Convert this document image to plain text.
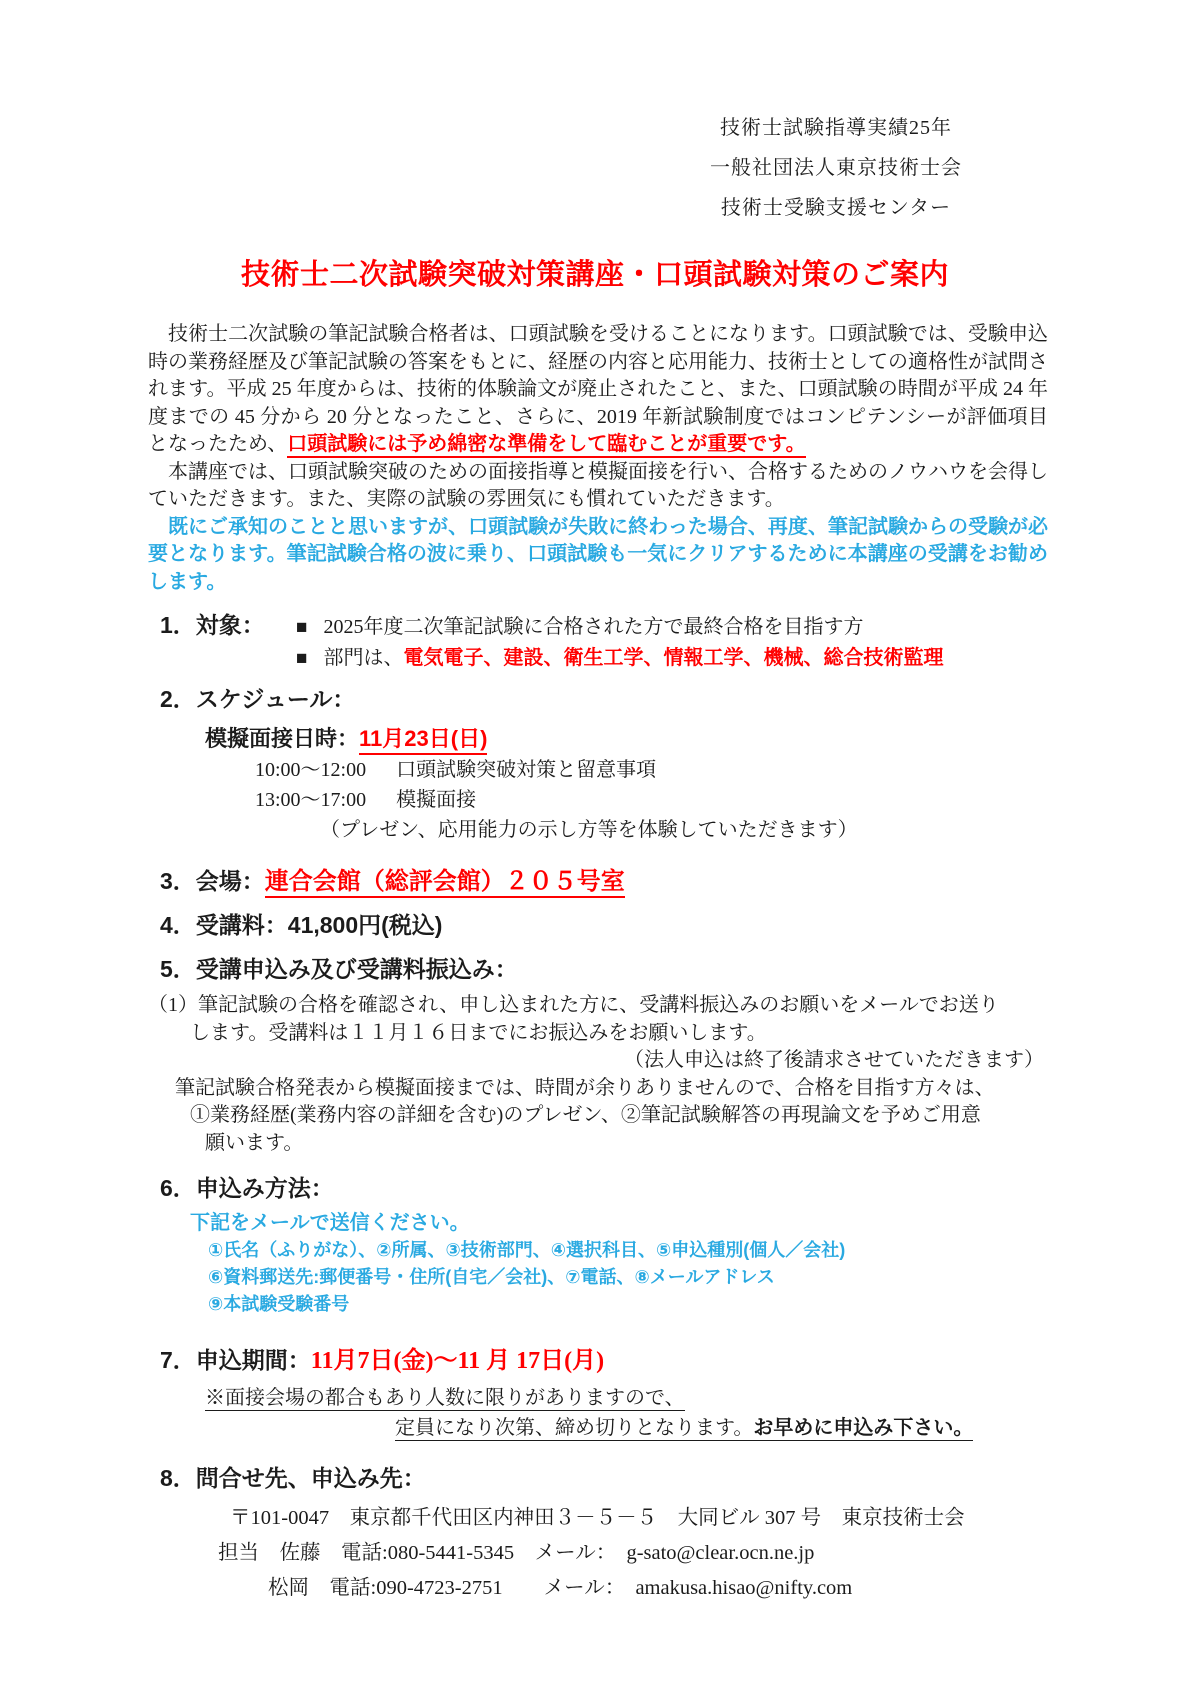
技術士試験指導実績25年
一般社団法人東京技術士会
技術士受験支援センター
技術士二次試験突破対策講座・口頭試験対策のご案内

　技術士二次試験の筆記試験合格者は、口頭試験を受けることになります。口頭試験では、受験申込時の業務経歴及び筆記試験の答案をもとに、経歴の内容と応用能力、技術士としての適格性が試問されます。平成 25 年度からは、技術的体験論文が廃止されたこと、また、口頭試験の時間が平成 24 年度までの 45 分から 20 分となったこと、さらに、2019 年新試験制度ではコンピテンシーが評価項目となったため、口頭試験には予め綿密な準備をして臨むことが重要です。

　本講座では、口頭試験突破のための面接指導と模擬面接を行い、合格するためのノウハウを会得していただきます。また、実際の試験の雰囲気にも慣れていただきます。

　既にご承知のことと思いますが、口頭試験が失敗に終わった場合、再度、筆記試験からの受験が必要となります。筆記試験合格の波に乗り、口頭試験も一気にクリアするために本講座の受講をお勧めします。

1．対象：	■ 2025年度二次筆記試験に合格された方で最終合格を目指す方
■ 部門は、電気電子、建設、衛生工学、情報工学、機械、総合技術監理
2．スケジュール：
模擬面接日時：11月23日(日)
10:00～12:00 口頭試験突破対策と留意事項
13:00～17:00 模擬面接
（プレゼン、応用能力の示し方等を体験していただきます）
3．会場：連合会館（総評会館）２０５号室
4．受講料：41,800円(税込)
5．受講申込み及び受講料振込み：
（1）筆記試験の合格を確認され、申し込まれた方に、受講料振込みのお願いをメールでお送り
します。受講料は１１月１６日までにお振込みをお願いします。
（法人申込は終了後請求させていただきます）
筆記試験合格発表から模擬面接までは、時間が余りありませんので、合格を目指す方々は、
①業務経歴(業務内容の詳細を含む)のプレゼン、②筆記試験解答の再現論文を予めご用意
願います。
6．申込み方法：
下記をメールで送信ください。
①氏名（ふりがな）、②所属、③技術部門、④選択科目、⑤申込種別(個人／会社)
⑥資料郵送先:郵便番号・住所(自宅／会社)、⑦電話、⑧メールアドレス
⑨本試験受験番号
7．申込期間：11月7日(金)～11 月 17日(月)
※面接会場の都合もあり人数に限りがありますので、
定員になり次第、締め切りとなります。お早めに申込み下さい。
8．問合せ先、申込み先：
〒101-0047　東京都千代田区内神田３－５－５　大同ビル 307 号　東京技術士会
担当　佐藤　電話:080-5441-5345　メール：　g-sato@clear.ocn.ne.jp
松岡　電話:090-4723-2751　　メール：　amakusa.hisao@nifty.com
